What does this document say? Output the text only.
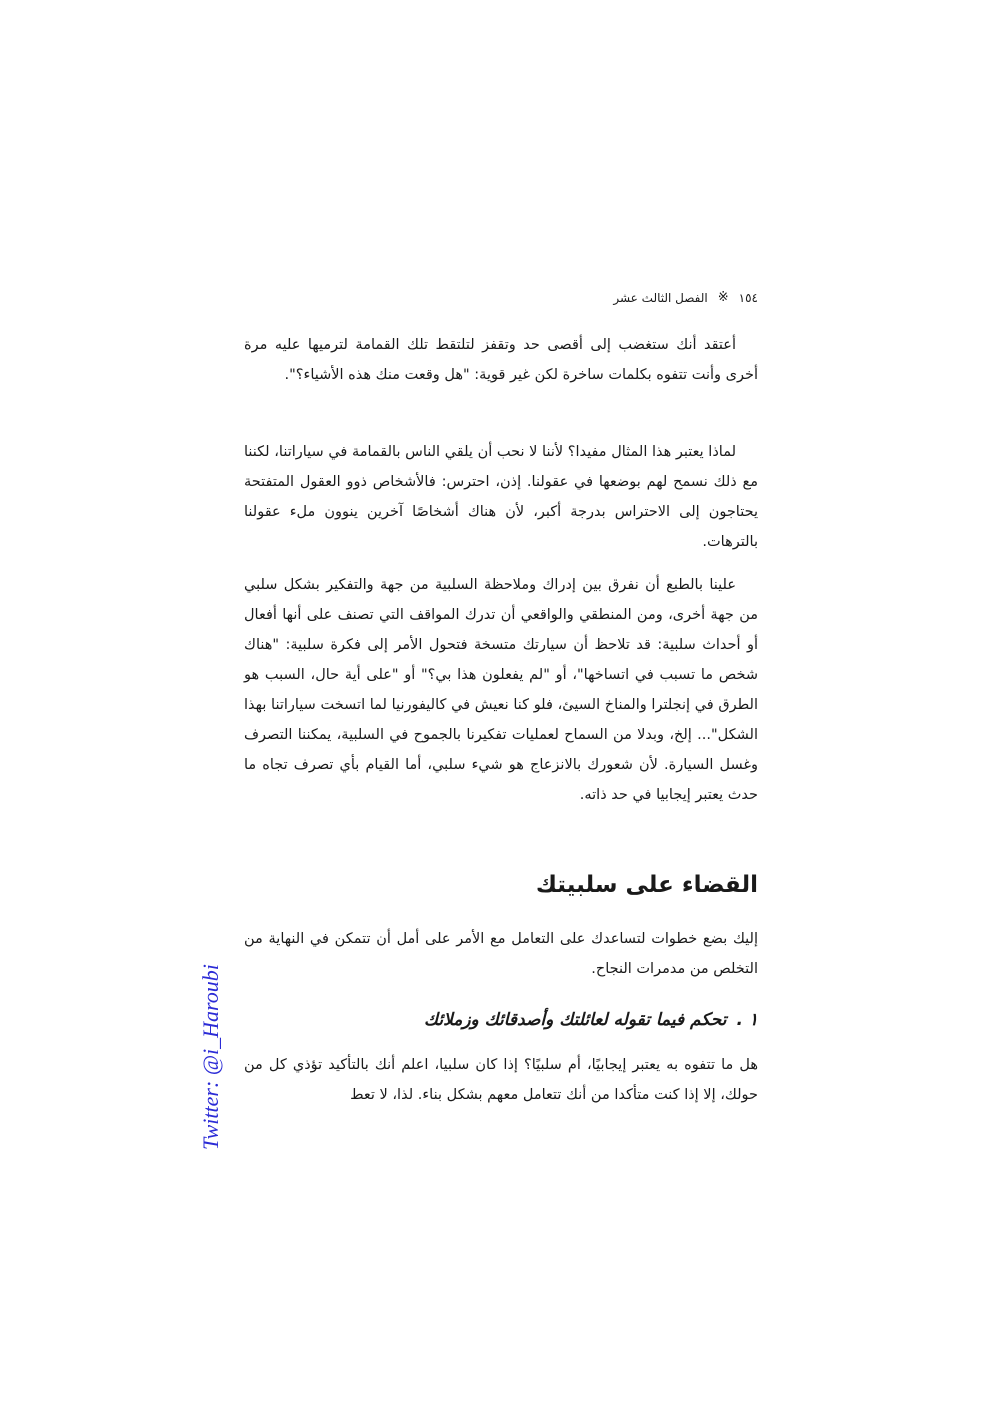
١٥٤
※
الفصل الثالث عشر

أعتقد أنك ستغضب إلى أقصى حد وتقفز لتلتقط تلك القمامة لترميها عليه مرة أخرى وأنت تتفوه بكلمات ساخرة لكن غير قوية: "هل وقعت منك هذه الأشياء؟".

لماذا يعتبر هذا المثال مفيدا؟ لأننا لا نحب أن يلقي الناس بالقمامة في سياراتنا، لكننا مع ذلك نسمح لهم بوضعها في عقولنا. إذن، احترس: فالأشخاص ذوو العقول المتفتحة يحتاجون إلى الاحتراس بدرجة أكبر، لأن هناك أشخاصًا آخرين ينوون ملء عقولنا بالترهات.

علينا بالطبع أن نفرق بين إدراك وملاحظة السلبية من جهة والتفكير بشكل سلبي من جهة أخرى، ومن المنطقي والواقعي أن تدرك المواقف التي تصنف على أنها أفعال أو أحداث سلبية: قد تلاحظ أن سيارتك متسخة فتحول الأمر إلى فكرة سلبية: "هناك شخص ما تسبب في اتساخها"، أو "لم يفعلون هذا بي؟" أو "على أية حال، السبب هو الطرق في إنجلترا والمناخ السيئ، فلو كنا نعيش في كاليفورنيا لما اتسخت سياراتنا بهذا الشكل"... إلخ، وبدلا من السماح لعمليات تفكيرنا بالجموح في السلبية، يمكننا التصرف وغسل السيارة. لأن شعورك بالانزعاج هو شيء سلبي، أما القيام بأي تصرف تجاه ما حدث يعتبر إيجابيا في حد ذاته.

القضاء على سلبيتك

إليك بضع خطوات لتساعدك على التعامل مع الأمر على أمل أن تتمكن في النهاية من التخلص من مدمرات النجاح.

١ .
تحكم فيما تقوله لعائلتك وأصدقائك وزملائك

هل ما تتفوه به يعتبر إيجابيًا، أم سلبيًا؟ إذا كان سلبيا، اعلم أنك بالتأكيد تؤذي كل من حولك، إلا إذا كنت متأكدا من أنك تتعامل معهم بشكل بناء. لذا، لا تعط

Twitter: @i_Haroubi
